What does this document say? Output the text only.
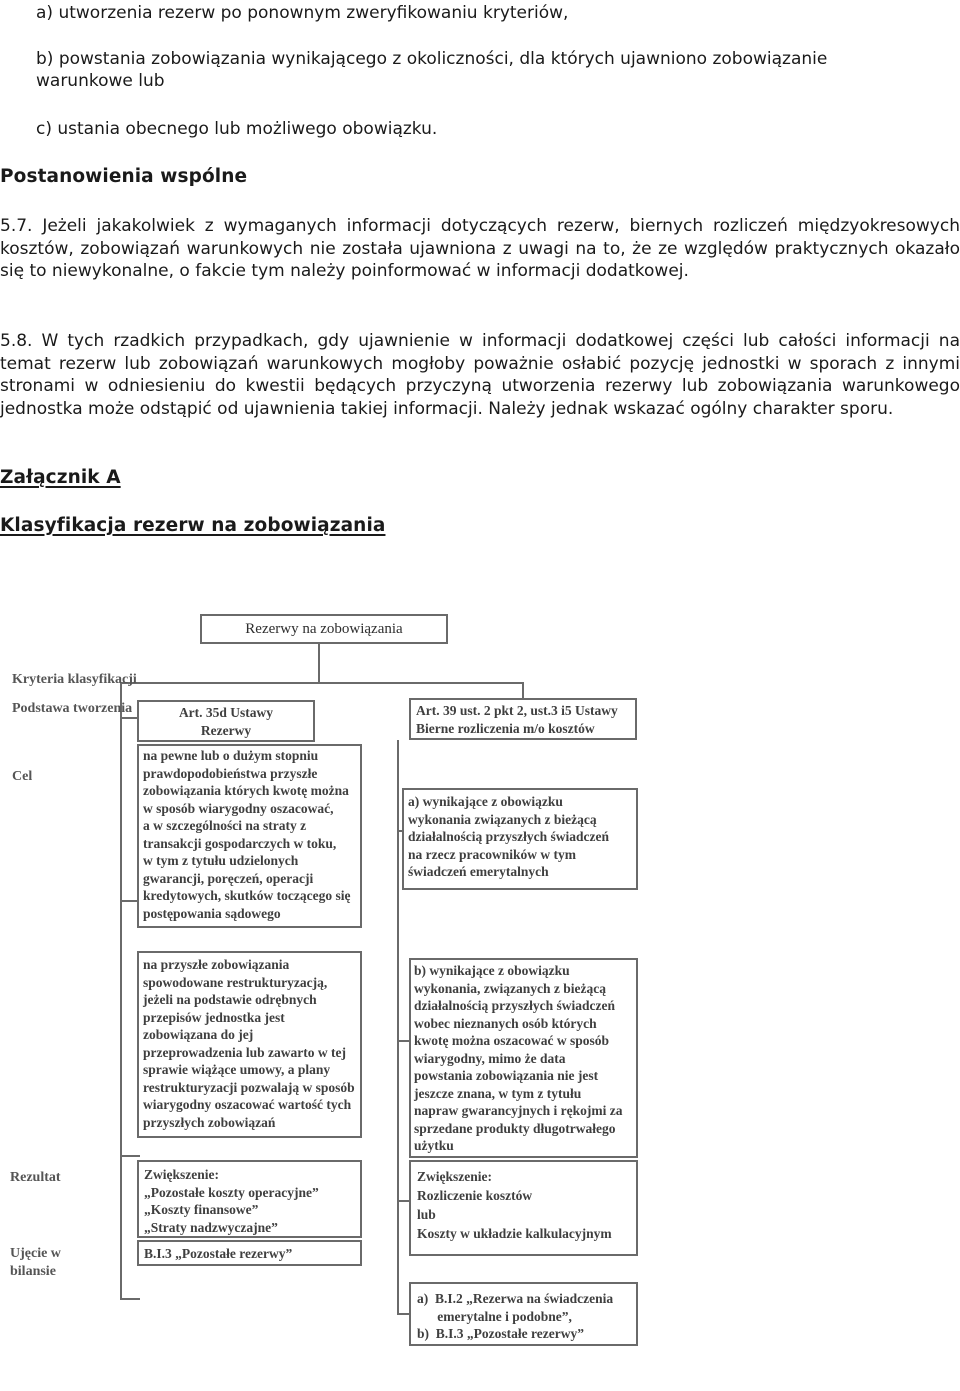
a) utworzenia rezerw po ponownym zweryfikowaniu kryteriów,
b) powstania zobowiązania wynikającego z okoliczności, dla których ujawniono zobowiązanie
warunkowe lub
c) ustania obecnego lub możliwego obowiązku.
Postanowienia wspólne
5.7. Jeżeli jakakolwiek z wymaganych informacji dotyczących rezerw, biernych rozliczeń międzyokresowych kosztów, zobowiązań warunkowych nie została ujawniona z uwagi na to, że ze względów praktycznych okazało się to niewykonalne, o fakcie tym należy poinformować w informacji dodatkowej.
5.8. W tych rzadkich przypadkach, gdy ujawnienie w informacji dodatkowej części lub całości informacji na temat rezerw lub zobowiązań warunkowych mogłoby poważnie osłabić pozycję jednostki w sporach z innymi stronami w odniesieniu do kwestii będących przyczyną utworzenia rezerwy lub zobowiązania warunkowego jednostka może odstąpić od ujawnienia takiej informacji. Należy jednak wskazać ogólny charakter sporu.
Załącznik A
Klasyfikacja rezerw na zobowiązania
Rezerwy na zobowiązania
Kryteria klasyfikacji
Podstawa tworzenia
Cel
Rezultat
Ujęcie w
bilansie
Art. 35d Ustawy
Rezerwy
Art. 39 ust. 2 pkt 2, ust.3 i5 Ustawy
Bierne rozliczenia m/o kosztów
na pewne lub o dużym stopniu
prawdopodobieństwa przyszłe
zobowiązania których kwotę można
w sposób wiarygodny oszacować,
a w szczególności na straty z
transakcji gospodarczych w toku,
w tym z tytułu udzielonych
gwarancji, poręczeń, operacji
kredytowych, skutków toczącego się
postępowania sądowego
na przyszłe zobowiązania
spowodowane restrukturyzacją,
jeżeli na podstawie odrębnych
przepisów jednostka jest
zobowiązana do jej
przeprowadzenia lub zawarto w tej
sprawie wiążące umowy, a plany
restrukturyzacji pozwalają w sposób
wiarygodny oszacować wartość tych
przyszłych zobowiązań
a) wynikające z obowiązku
wykonania związanych z bieżącą
działalnością przyszłych świadczeń
na rzecz pracowników w tym
świadczeń emerytalnych
b) wynikające z obowiązku
wykonania, związanych z bieżącą
działalnością przyszłych świadczeń
wobec nieznanych osób których
kwotę można oszacować w sposób
wiarygodny, mimo że data
powstania zobowiązania nie jest
jeszcze znana, w tym z tytułu
napraw gwarancyjnych i rękojmi za
sprzedane produkty długotrwałego
użytku
Zwiększenie:
„Pozostałe koszty operacyjne”
„Koszty finansowe”
„Straty nadzwyczajne”
Zwiększenie:
Rozliczenie kosztów
lub
Koszty w układzie kalkulacyjnym
B.I.3 „Pozostałe rezerwy”
a)  B.I.2 „Rezerwa na świadczenia
emerytalne i podobne”,
b)  B.I.3 „Pozostałe rezerwy”
